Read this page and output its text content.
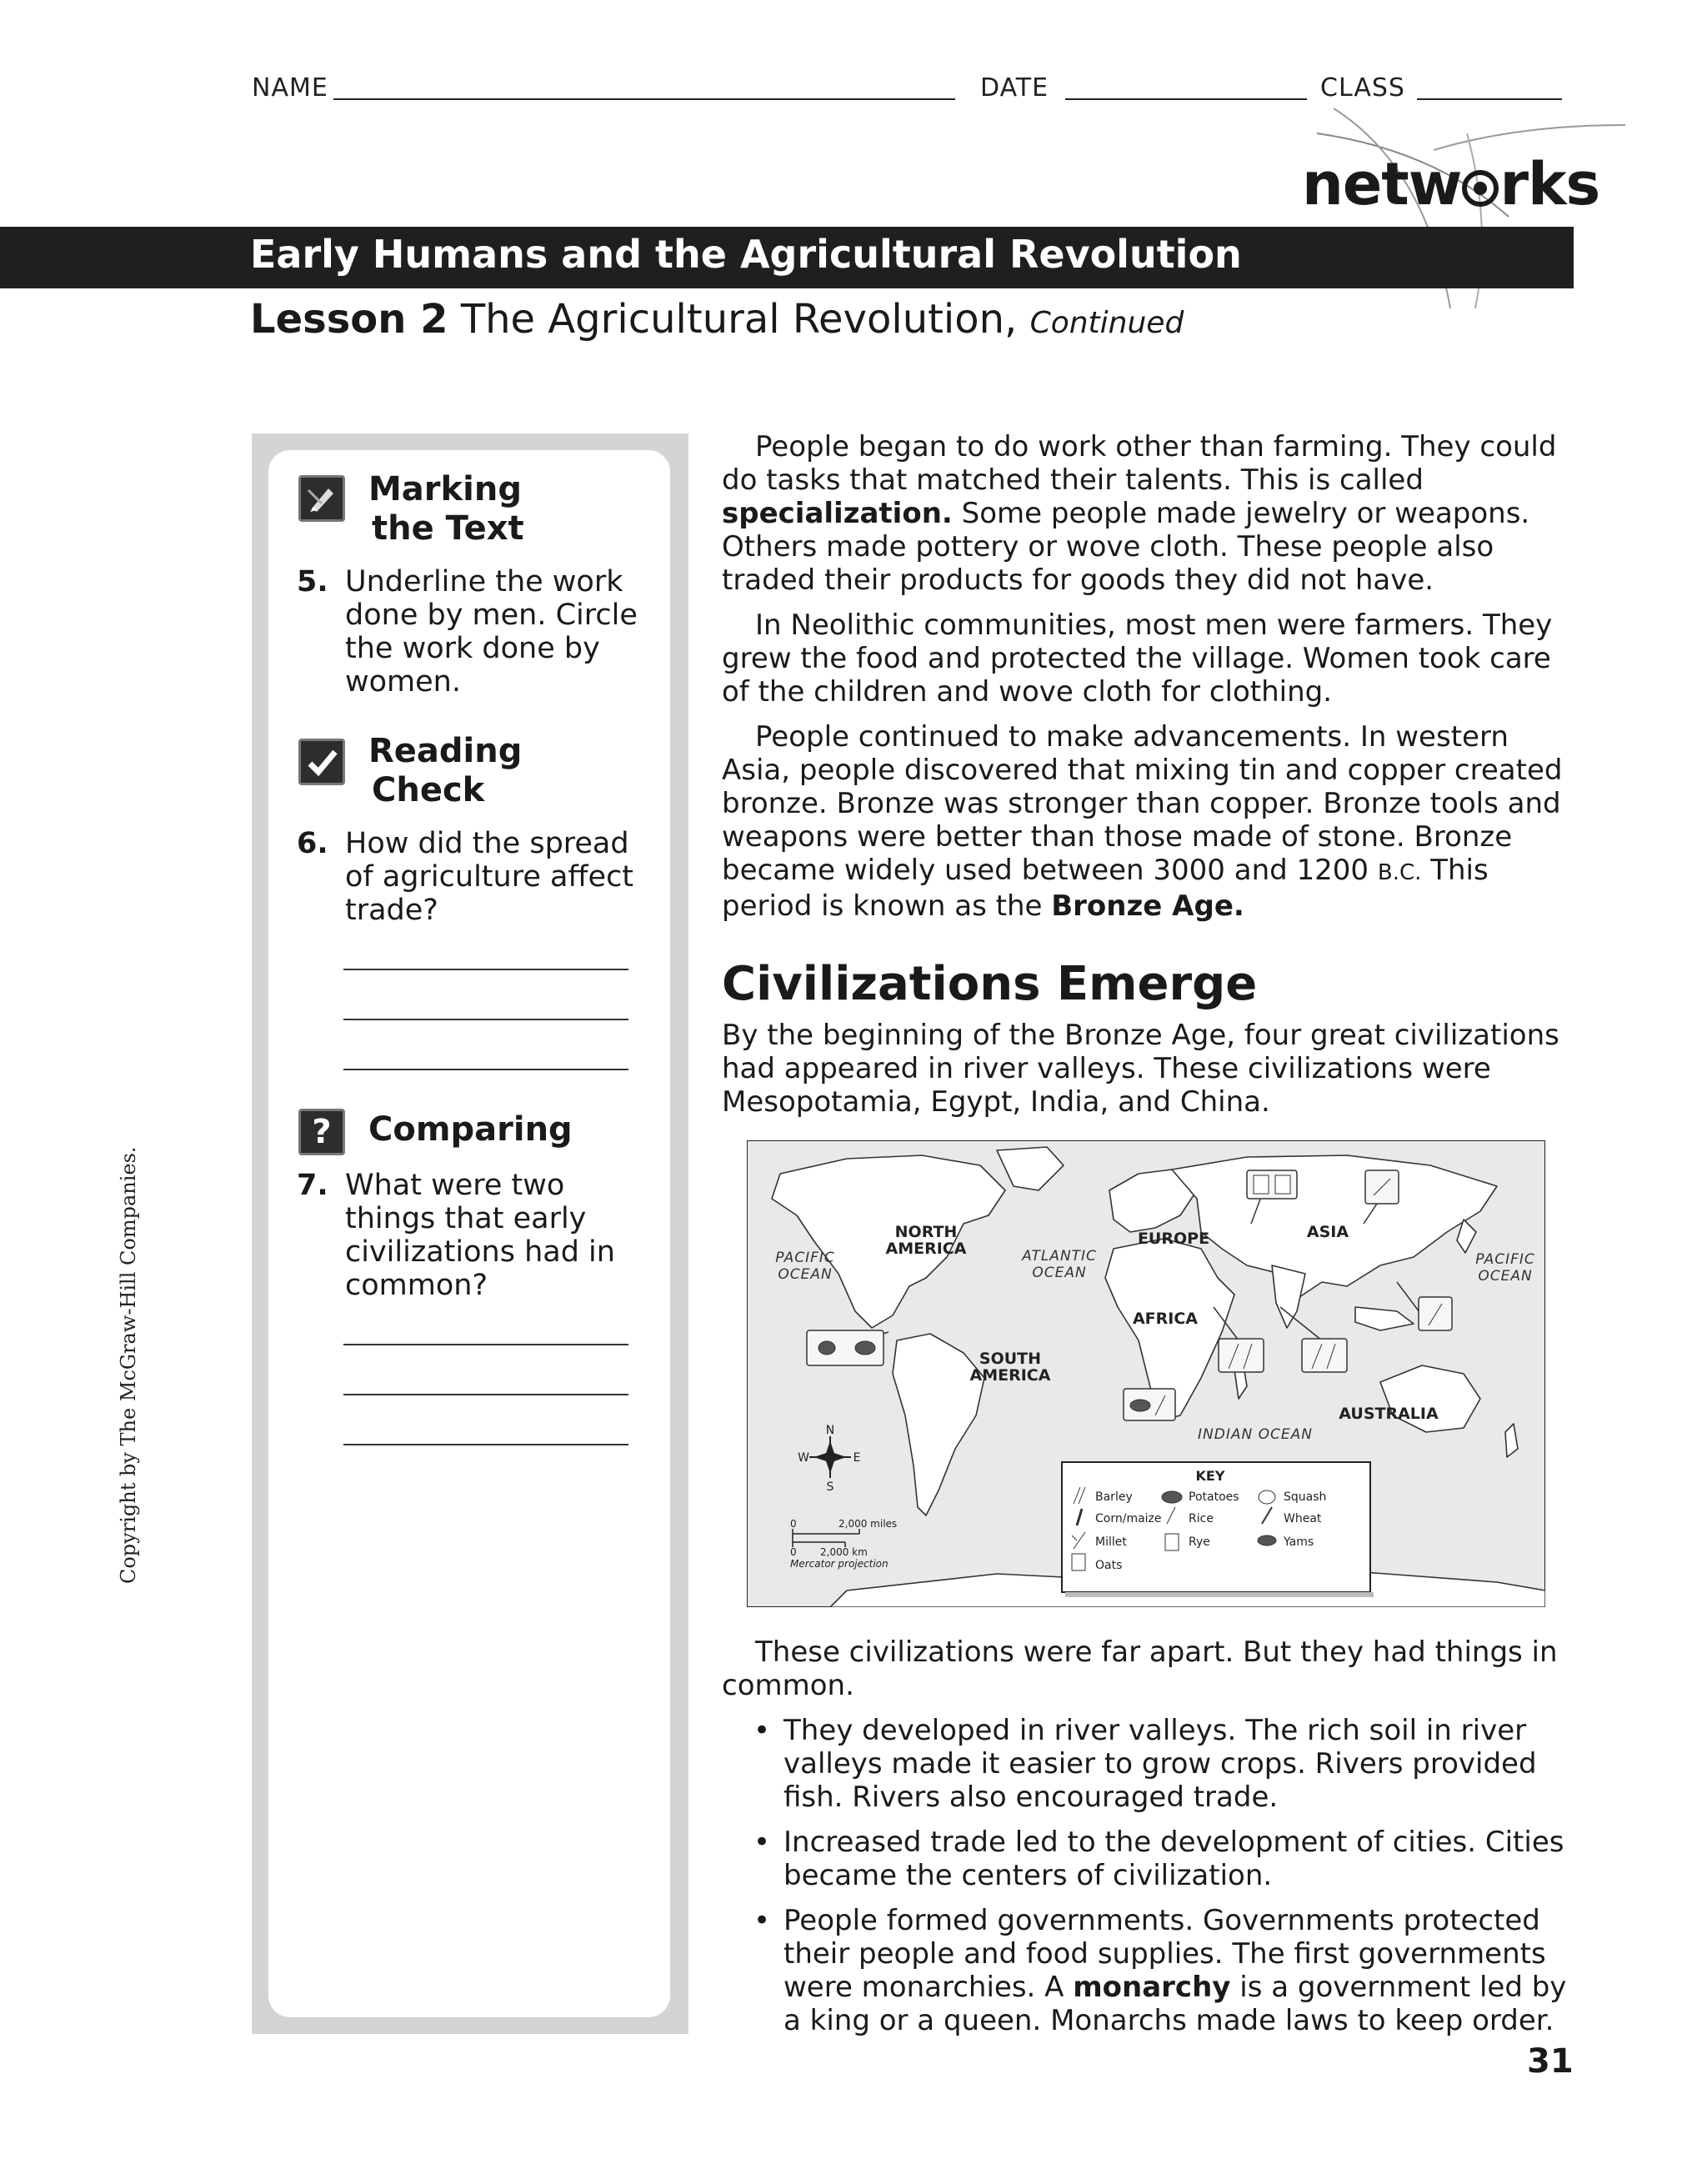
NAME	DATE	CLASS
netw rks
Early Humans and the Agricultural Revolution
Lesson 2 The Agricultural Revolution, Continued
Marking
the Text
5. Underline the work done by men. Circle the work done by women.
Reading
Check
6. How did the spread of agriculture affect trade?
?	Comparing
7. What were two things that early civilizations had in common?
People began to do work other than farming. They could do tasks that matched their talents. This is called specialization. Some people made jewelry or weapons. Others made pottery or wove cloth. These people also traded their products for goods they did not have.
In Neolithic communities, most men were farmers. They grew the food and protected the village. Women took care of the children and wove cloth for clothing.
People continued to make advancements. In western Asia, people discovered that mixing tin and copper created bronze. Bronze was stronger than copper. Bronze tools and weapons were better than those made of stone. Bronze became widely used between 3000 and 1200 B.C. This period is known as the Bronze Age.
Civilizations Emerge
By the beginning of the Bronze Age, four great civilizations had appeared in river valleys. These civilizations were Mesopotamia, Egypt, India, and China.
NORTH
AMERICA
SOUTH
AMERICA
EUROPE	ASIA
AFRICA
AUSTRALIA
PACIFIC
OCEAN
ATLANTIC
OCEAN
PACIFIC
OCEAN
INDIAN OCEAN
N
S
E
W
0	2,000 miles
0 2,000 km
Mercator projection
KEY
Barley
Corn/maize
Millet
Oats
Potatoes
Rice
Rye
Squash
Wheat
Yams
These civilizations were far apart. But they had things in common.
• They developed in river valleys. The rich soil in river valleys made it easier to grow crops. Rivers provided fish. Rivers also encouraged trade.
• Increased trade led to the development of cities. Cities became the centers of civilization.
• People formed governments. Governments protected their people and food supplies. The first governments were monarchies. A monarchy is a government led by a king or a queen. Monarchs made laws to keep order.
Copyright by The McGraw-Hill Companies.
31
